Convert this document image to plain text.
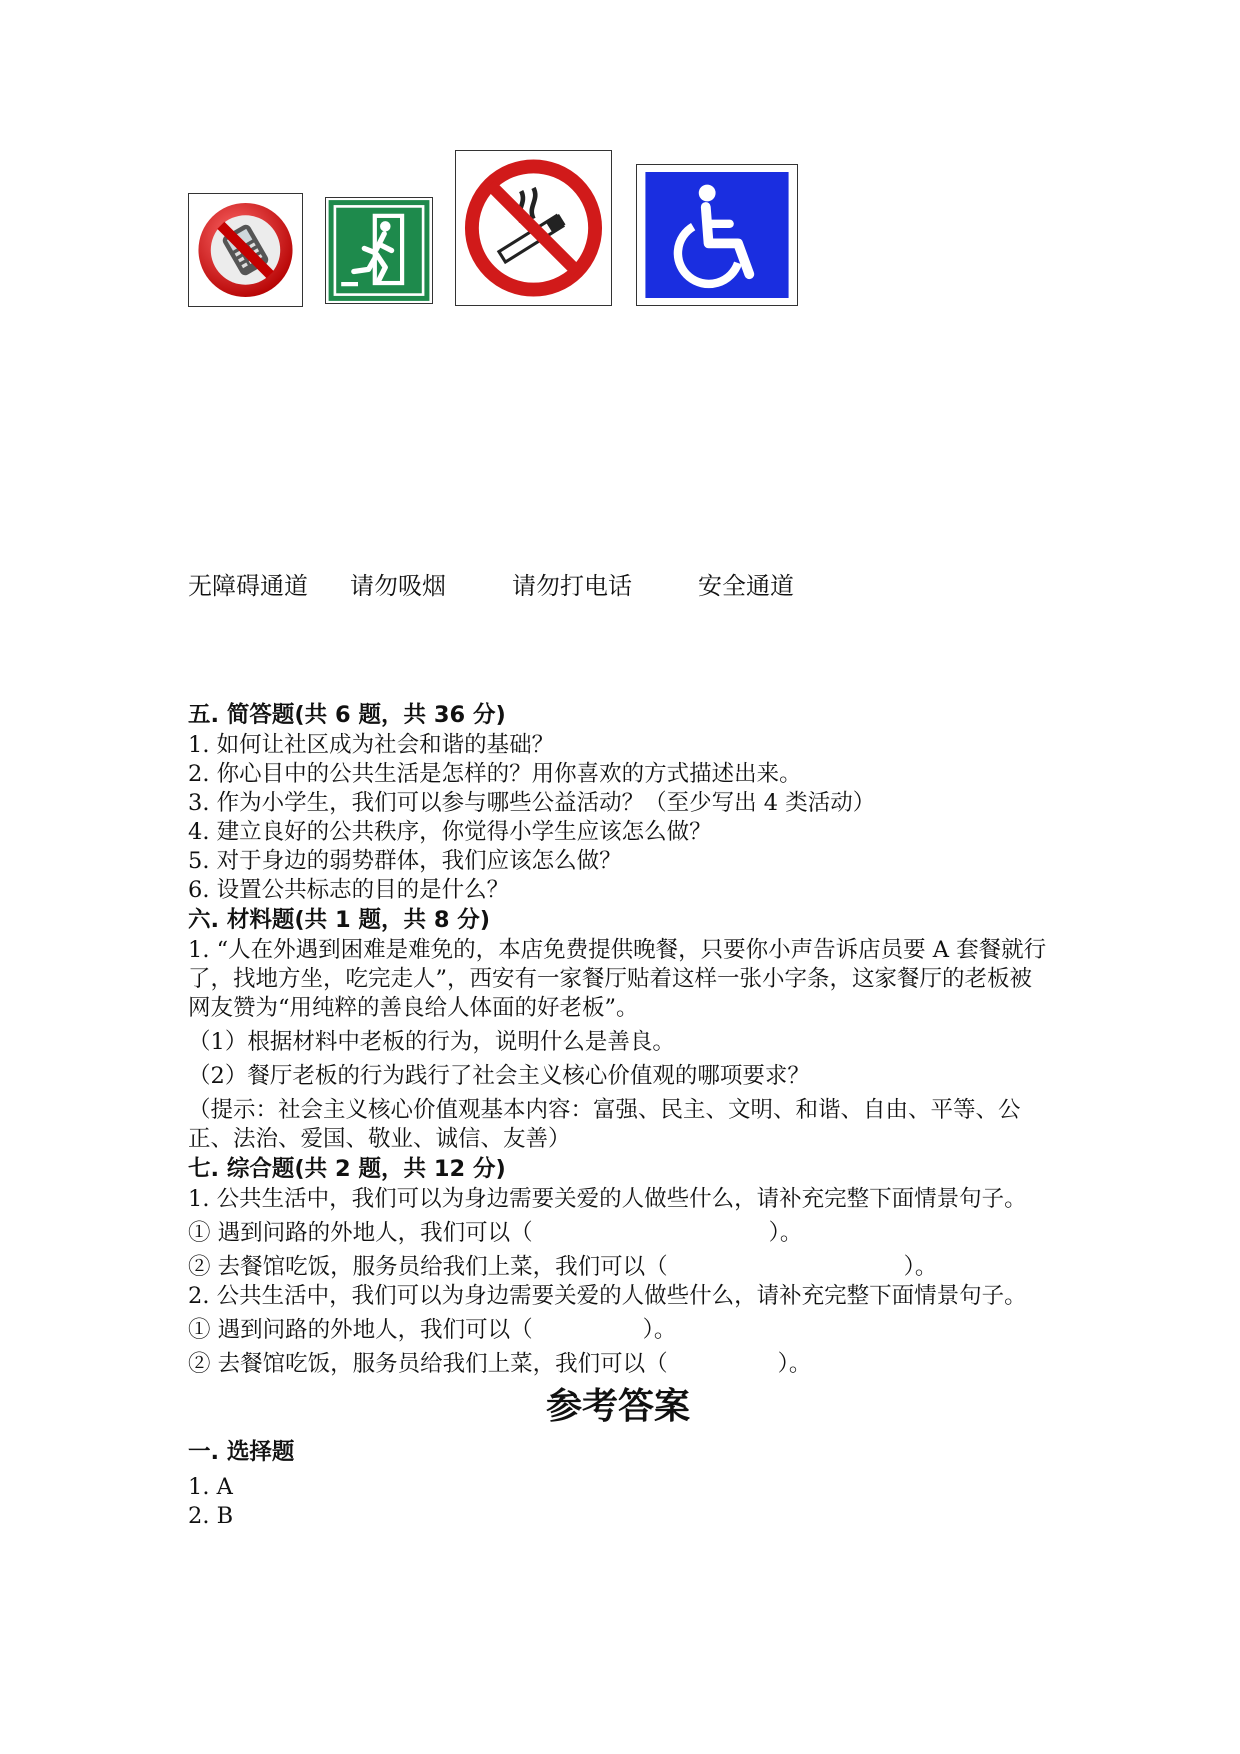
无障碍通道 请勿吸烟	请勿打电话	安全通道
五. 简答题(共 6 题，共 36 分)

1. 如何让社区成为社会和谐的基础？

2. 你心目中的公共生活是怎样的？用你喜欢的方式描述出来。

3. 作为小学生，我们可以参与哪些公益活动？（至少写出 4 类活动）

4. 建立良好的公共秩序，你觉得小学生应该怎么做？

5. 对于身边的弱势群体，我们应该怎么做？

6. 设置公共标志的目的是什么？

六. 材料题(共 1 题，共 8 分)

1. “人在外遇到困难是难免的，本店免费提供晚餐，只要你小声告诉店员要 A 套餐就行了，找地方坐，吃完走人”，西安有一家餐厅贴着这样一张小字条，这家餐厅的老板被网友赞为“用纯粹的善良给人体面的好老板”。

（1）根据材料中老板的行为，说明什么是善良。

（2）餐厅老板的行为践行了社会主义核心价值观的哪项要求？

（提示：社会主义核心价值观基本内容：富强、民主、文明、和谐、自由、平等、公正、法治、爱国、敬业、诚信、友善）

七. 综合题(共 2 题，共 12 分)

1. 公共生活中，我们可以为身边需要关爱的人做些什么，请补充完整下面情景句子。

① 遇到问路的外地人，我们可以（	）。

② 去餐馆吃饭，服务员给我们上菜，我们可以（	）。

2. 公共生活中，我们可以为身边需要关爱的人做些什么，请补充完整下面情景句子。

① 遇到问路的外地人，我们可以（	）。

② 去餐馆吃饭，服务员给我们上菜，我们可以（	）。

参考答案
一. 选择题

1. A

2. B
